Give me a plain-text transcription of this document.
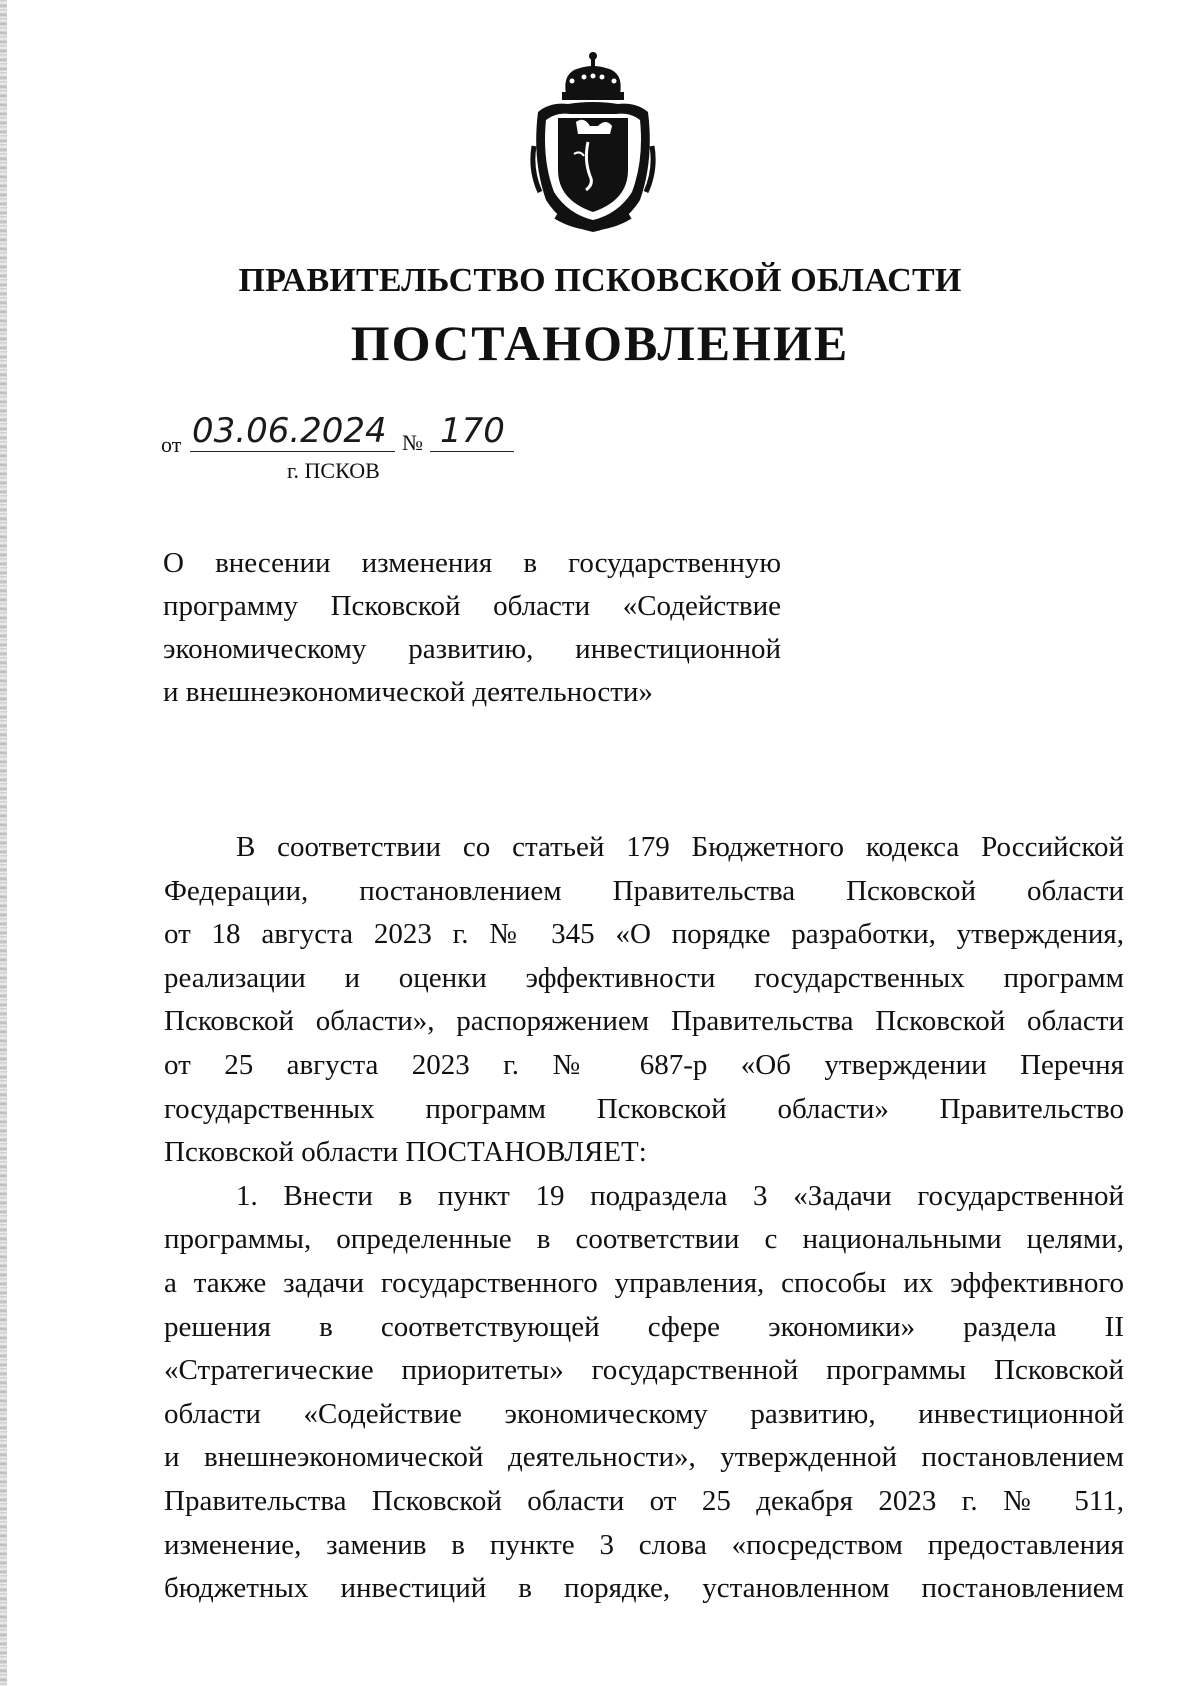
ПРАВИТЕЛЬСТВО ПСКОВСКОЙ ОБЛАСТИ
ПОСТАНОВЛЕНИЕ
от 03.06.2024 № 170
г. ПСКОВ

О внесении изменения в государственную

программу Псковской области «Содействие

экономическому развитию, инвестиционной

и внешнеэкономической деятельности»

В соответствии со статьей 179 Бюджетного кодекса Российской

Федерации, постановлением Правительства Псковской области

от 18 августа 2023 г. № 345 «О порядке разработки, утверждения,

реализации и оценки эффективности государственных программ

Псковской области», распоряжением Правительства Псковской области

от 25 августа 2023 г. № 687-р «Об утверждении Перечня

государственных программ Псковской области» Правительство

Псковской области ПОСТАНОВЛЯЕТ:

1. Внести в пункт 19 подраздела 3 «Задачи государственной

программы, определенные в соответствии с национальными целями,

а также задачи государственного управления, способы их эффективного

решения в соответствующей сфере экономики» раздела II

«Стратегические приоритеты» государственной программы Псковской

области «Содействие экономическому развитию, инвестиционной

и внешнеэкономической деятельности», утвержденной постановлением

Правительства Псковской области от 25 декабря 2023 г. № 511,

изменение, заменив в пункте 3 слова «посредством предоставления

бюджетных инвестиций в порядке, установленном постановлением
